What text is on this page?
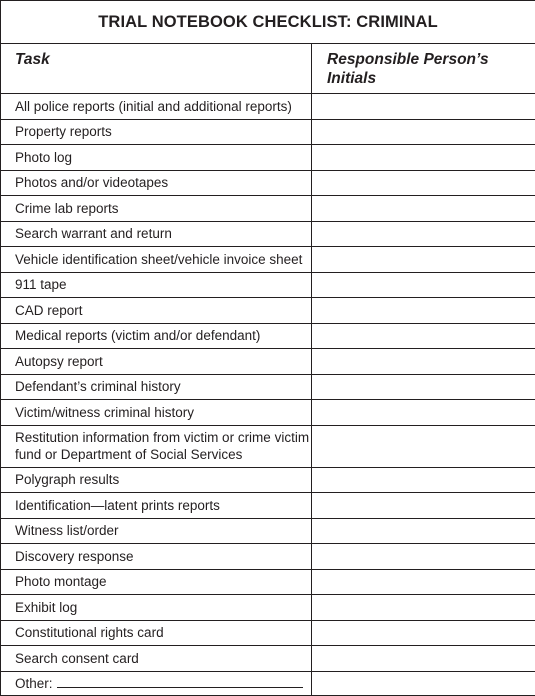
TRIAL NOTEBOOK CHECKLIST: CRIMINAL	
Task	Responsible Person’s Initials
All police reports (initial and additional reports)	
Property reports	
Photo log	
Photos and/or videotapes	
Crime lab reports	
Search warrant and return	
Vehicle identification sheet/vehicle invoice sheet	
911 tape	
CAD report	
Medical reports (victim and/or defendant)	
Autopsy report	
Defendant’s criminal history	
Victim/witness criminal history	
Restitution information from victim or crime victim fund or Department of Social Services	
Polygraph results	
Identification—latent prints reports	
Witness list/order	
Discovery response	
Photo montage	
Exhibit log	
Constitutional rights card	
Search consent card	
Other:	
